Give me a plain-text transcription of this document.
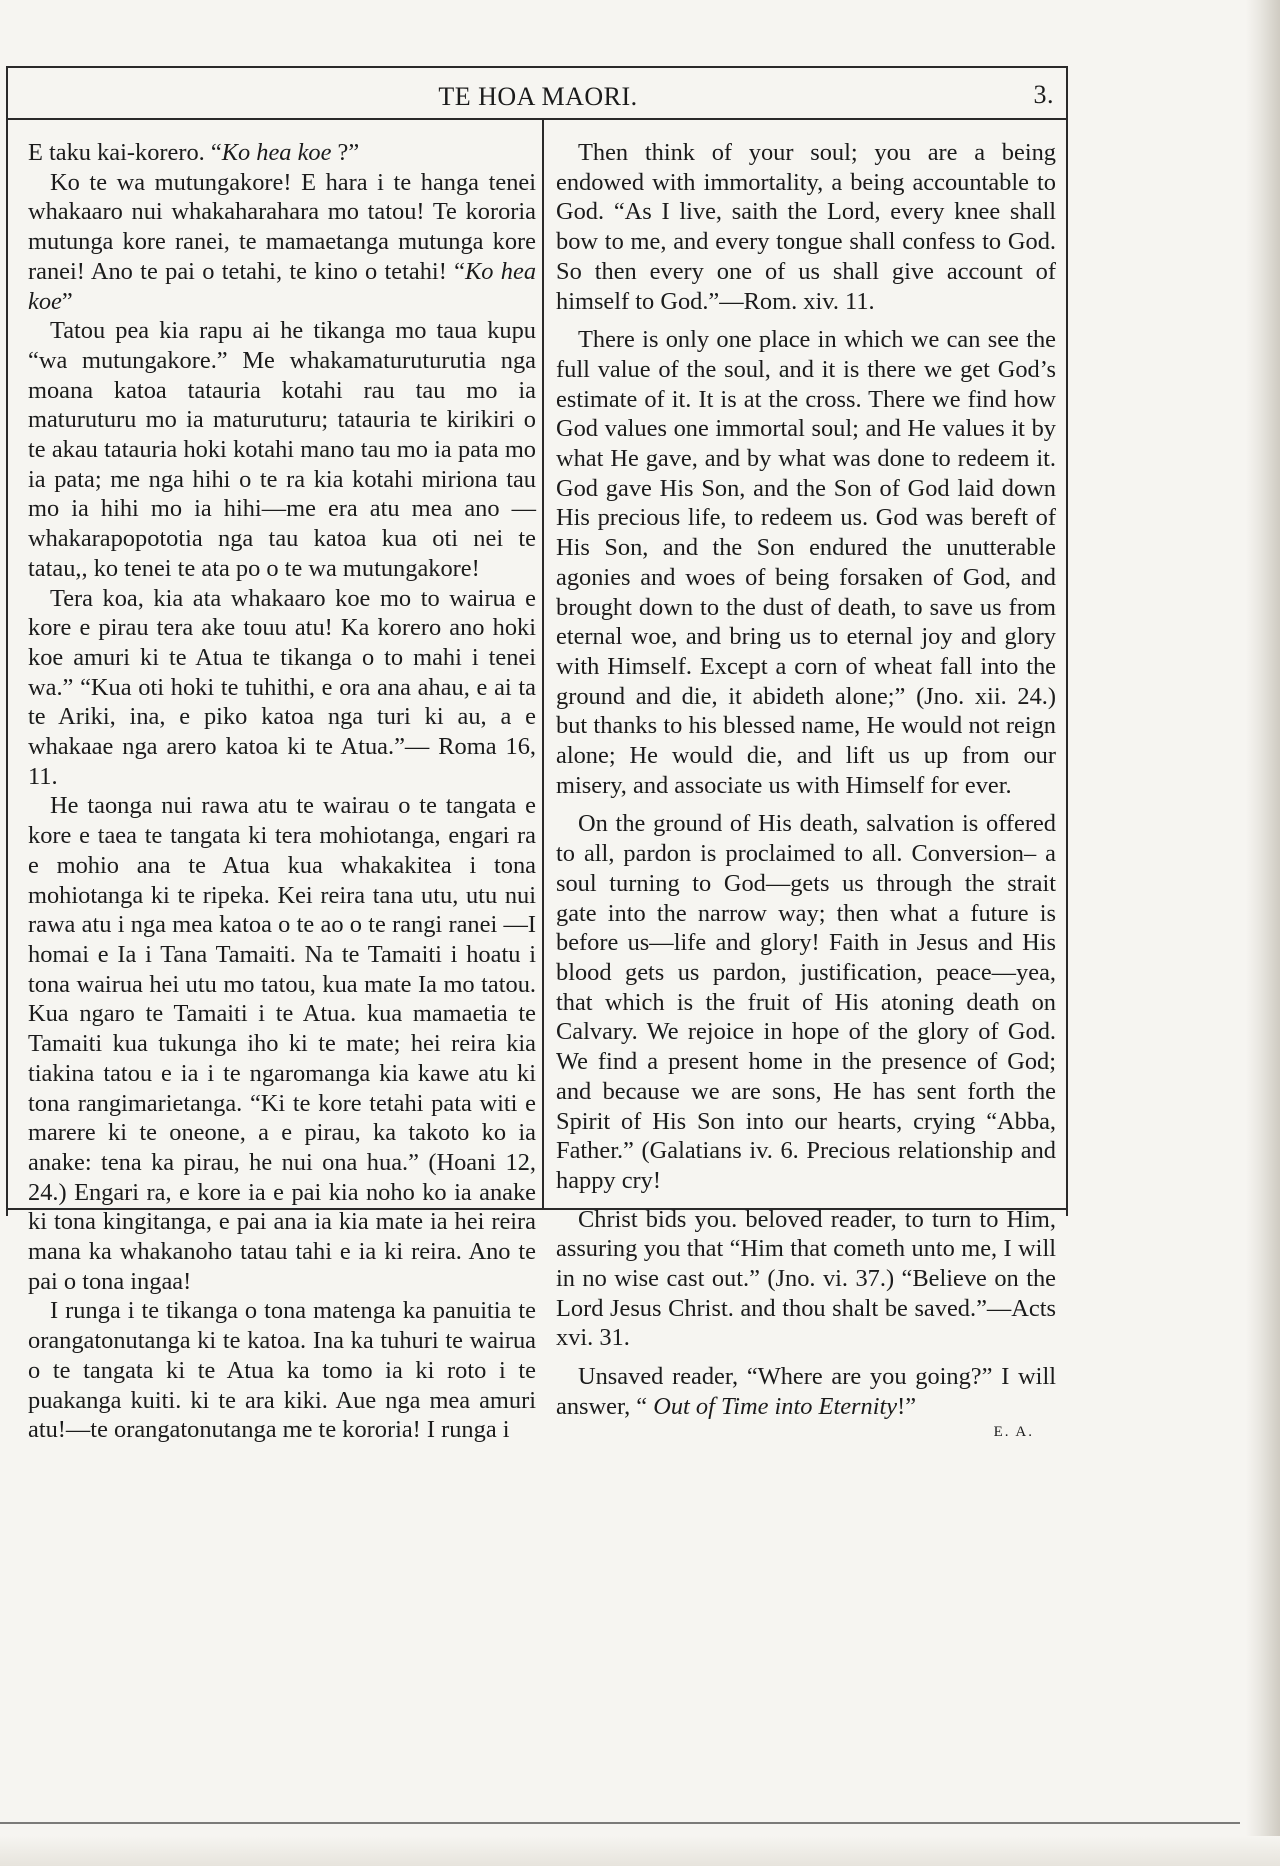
TE HOA MAORI.	3.

E taku kai-korero. “Ko hea koe ?”

Ko te wa mutungakore! E hara i te hanga tenei whakaaro nui whakaharahara mo tatou! Te kororia mutunga kore ranei, te mamaetanga mutunga kore ranei! Ano te pai o tetahi, te kino o tetahi! “Ko hea koe”

Tatou pea kia rapu ai he tikanga mo taua kupu “wa mutungakore.” Me whakamaturuturutia nga moana katoa tatauria kotahi rau tau mo ia maturuturu mo ia maturuturu; tatauria te kirikiri o te akau tatauria hoki kotahi mano tau mo ia pata mo ia pata; me nga hihi o te ra kia kotahi miriona tau mo ia hihi mo ia hihi—me era atu mea ano —whakarapopototia nga tau katoa kua oti nei te tatau,, ko tenei te ata po o te wa mutungakore!

Tera koa, kia ata whakaaro koe mo to wairua e kore e pirau tera ake touu atu! Ka korero ano hoki koe amuri ki te Atua te tikanga o to mahi i tenei wa.” “Kua oti hoki te tuhithi, e ora ana ahau, e ai ta te Ariki, ina, e piko katoa nga turi ki au, a e whakaae nga arero katoa ki te Atua.”— Roma 16, 11.

He taonga nui rawa atu te wairau o te tangata e kore e taea te tangata ki tera mohiotanga, engari ra e mohio ana te Atua kua whakakitea i tona mohiotanga ki te ripeka. Kei reira tana utu, utu nui rawa atu i nga mea katoa o te ao o te rangi ranei —I homai e Ia i Tana Tamaiti. Na te Tamaiti i hoatu i tona wairua hei utu mo tatou, kua mate Ia mo tatou. Kua ngaro te Tamaiti i te Atua. kua mamaetia te Tamaiti kua tukunga iho ki te mate; hei reira kia tiakina tatou e ia i te ngaromanga kia kawe atu ki tona rangimarietanga. “Ki te kore tetahi pata witi e marere ki te oneone, a e pirau, ka takoto ko ia anake: tena ka pirau, he nui ona hua.” (Hoani 12, 24.) Engari ra, e kore ia e pai kia noho ko ia anake ki tona kingitanga, e pai ana ia kia mate ia hei reira mana ka whakanoho tatau tahi e ia ki reira. Ano te pai o tona ingaa!

I runga i te tikanga o tona matenga ka panuitia te orangatonutanga ki te katoa. Ina ka tuhuri te wairua o te tangata ki te Atua ka tomo ia ki roto i te puakanga kuiti. ki te ara kiki. Aue nga mea amuri atu!—te orangatonutanga me te kororia! I runga i

Then think of your soul; you are a being endowed with immortality, a being accountable to God. “As I live, saith the Lord, every knee shall bow to me, and every tongue shall confess to God. So then every one of us shall give account of himself to God.”—Rom. xiv. 11.

There is only one place in which we can see the full value of the soul, and it is there we get God’s estimate of it. It is at the cross. There we find how God values one immortal soul; and He values it by what He gave, and by what was done to redeem it. God gave His Son, and the Son of God laid down His precious life, to redeem us. God was bereft of His Son, and the Son endured the unutterable agonies and woes of being forsaken of God, and brought down to the dust of death, to save us from eternal woe, and bring us to eternal joy and glory with Himself. Except a corn of wheat fall into the ground and die, it abideth alone;” (Jno. xii. 24.) but thanks to his blessed name, He would not reign alone; He would die, and lift us up from our misery, and associate us with Himself for ever.

On the ground of His death, salvation is offered to all, pardon is proclaimed to all. Conversion– a soul turning to God—gets us through the strait gate into the narrow way; then what a future is before us—life and glory! Faith in Jesus and His blood gets us pardon, justification, peace—yea, that which is the fruit of His atoning death on Calvary. We rejoice in hope of the glory of God. We find a present home in the presence of God; and because we are sons, He has sent forth the Spirit of His Son into our hearts, crying “Abba, Father.” (Galatians iv. 6. Precious relationship and happy cry!

Christ bids you. beloved reader, to turn to Him, assuring you that “Him that cometh unto me, I will in no wise cast out.” (Jno. vi. 37.) “Believe on the Lord Jesus Christ. and thou shalt be saved.”—Acts xvi. 31.

Unsaved reader, “Where are you going?” I will answer, “ Out of Time into Eternity!”

E. A.
